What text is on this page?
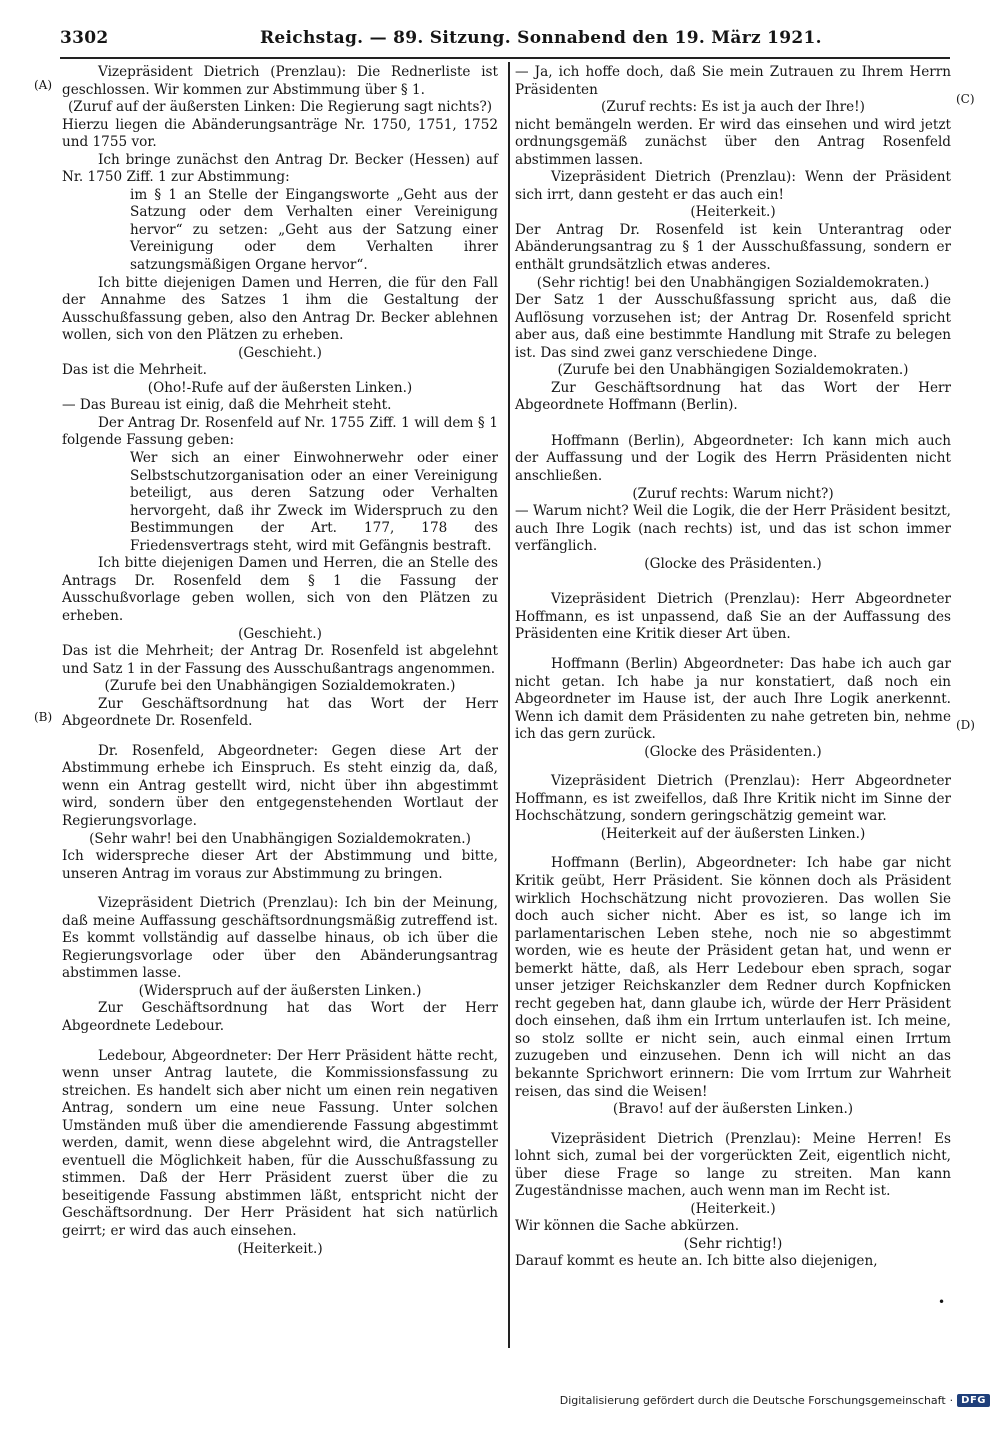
3302	Reichstag. — 89. Sitzung. Sonnabend den 19. März 1921.
(A)
(B)
(C)
(D)

Vizepräsident Dietrich (Prenzlau): Die Rednerliste ist geschlossen. Wir kommen zur Abstimmung über § 1.

(Zuruf auf der äußersten Linken: Die Regierung sagt nichts?)

Hierzu liegen die Abänderungsanträge Nr. 1750, 1751, 1752 und 1755 vor.

Ich bringe zunächst den Antrag Dr. Becker (Hessen) auf Nr. 1750 Ziff. 1 zur Abstimmung:

im § 1 an Stelle der Eingangsworte „Geht aus der Satzung oder dem Verhalten einer Vereinigung hervor“ zu setzen: „Geht aus der Satzung einer Vereinigung oder dem Verhalten ihrer satzungsmäßigen Organe hervor“.

Ich bitte diejenigen Damen und Herren, die für den Fall der Annahme des Satzes 1 ihm die Gestaltung der Ausschußfassung geben, also den Antrag Dr. Becker ablehnen wollen, sich von den Plätzen zu erheben.

(Geschieht.)

Das ist die Mehrheit.

(Oho!-Rufe auf der äußersten Linken.)

— Das Bureau ist einig, daß die Mehrheit steht.

Der Antrag Dr. Rosenfeld auf Nr. 1755 Ziff. 1 will dem § 1 folgende Fassung geben:

Wer sich an einer Einwohnerwehr oder einer Selbstschutzorganisation oder an einer Vereinigung beteiligt, aus deren Satzung oder Verhalten hervorgeht, daß ihr Zweck im Widerspruch zu den Bestimmungen der Art. 177, 178 des Friedensvertrags steht, wird mit Gefängnis bestraft.

Ich bitte diejenigen Damen und Herren, die an Stelle des Antrags Dr. Rosenfeld dem § 1 die Fassung der Ausschußvorlage geben wollen, sich von den Plätzen zu erheben.

(Geschieht.)

Das ist die Mehrheit; der Antrag Dr. Rosenfeld ist abgelehnt und Satz 1 in der Fassung des Ausschußantrags angenommen.

(Zurufe bei den Unabhängigen Sozialdemokraten.)

Zur Geschäftsordnung hat das Wort der Herr Abgeordnete Dr. Rosenfeld.

Dr. Rosenfeld, Abgeordneter: Gegen diese Art der Abstimmung erhebe ich Einspruch. Es steht einzig da, daß, wenn ein Antrag gestellt wird, nicht über ihn abgestimmt wird, sondern über den entgegenstehenden Wortlaut der Regierungsvorlage.

(Sehr wahr! bei den Unabhängigen Sozialdemokraten.)

Ich widerspreche dieser Art der Abstimmung und bitte, unseren Antrag im voraus zur Abstimmung zu bringen.

Vizepräsident Dietrich (Prenzlau): Ich bin der Meinung, daß meine Auffassung geschäftsordnungsmäßig zutreffend ist. Es kommt vollständig auf dasselbe hinaus, ob ich über die Regierungsvorlage oder über den Abänderungsantrag abstimmen lasse.

(Widerspruch auf der äußersten Linken.)

Zur Geschäftsordnung hat das Wort der Herr Abgeordnete Ledebour.

Ledebour, Abgeordneter: Der Herr Präsident hätte recht, wenn unser Antrag lautete, die Kommissionsfassung zu streichen. Es handelt sich aber nicht um einen rein negativen Antrag, sondern um eine neue Fassung. Unter solchen Umständen muß über die amendierende Fassung abgestimmt werden, damit, wenn diese abgelehnt wird, die Antragsteller eventuell die Möglichkeit haben, für die Ausschußfassung zu stimmen. Daß der Herr Präsident zuerst über die zu beseitigende Fassung abstimmen läßt, entspricht nicht der Geschäftsordnung. Der Herr Präsident hat sich natürlich geirrt; er wird das auch einsehen.

(Heiterkeit.)

— Ja, ich hoffe doch, daß Sie mein Zutrauen zu Ihrem Herrn Präsidenten

(Zuruf rechts: Es ist ja auch der Ihre!)

nicht bemängeln werden. Er wird das einsehen und wird jetzt ordnungsgemäß zunächst über den Antrag Rosenfeld abstimmen lassen.

Vizepräsident Dietrich (Prenzlau): Wenn der Präsident sich irrt, dann gesteht er das auch ein!

(Heiterkeit.)

Der Antrag Dr. Rosenfeld ist kein Unterantrag oder Abänderungsantrag zu § 1 der Ausschußfassung, sondern er enthält grundsätzlich etwas anderes.

(Sehr richtig! bei den Unabhängigen Sozialdemokraten.)

Der Satz 1 der Ausschußfassung spricht aus, daß die Auflösung vorzusehen ist; der Antrag Dr. Rosenfeld spricht aber aus, daß eine bestimmte Handlung mit Strafe zu belegen ist. Das sind zwei ganz verschiedene Dinge.

(Zurufe bei den Unabhängigen Sozialdemokraten.)

Zur Geschäftsordnung hat das Wort der Herr Abgeordnete Hoffmann (Berlin).

Hoffmann (Berlin), Abgeordneter: Ich kann mich auch der Auffassung und der Logik des Herrn Präsidenten nicht anschließen.

(Zuruf rechts: Warum nicht?)

— Warum nicht? Weil die Logik, die der Herr Präsident besitzt, auch Ihre Logik (nach rechts) ist, und das ist schon immer verfänglich.

(Glocke des Präsidenten.)

Vizepräsident Dietrich (Prenzlau): Herr Abgeordneter Hoffmann, es ist unpassend, daß Sie an der Auffassung des Präsidenten eine Kritik dieser Art üben.

Hoffmann (Berlin) Abgeordneter: Das habe ich auch gar nicht getan. Ich habe ja nur konstatiert, daß noch ein Abgeordneter im Hause ist, der auch Ihre Logik anerkennt. Wenn ich damit dem Präsidenten zu nahe getreten bin, nehme ich das gern zurück.

(Glocke des Präsidenten.)

Vizepräsident Dietrich (Prenzlau): Herr Abgeordneter Hoffmann, es ist zweifellos, daß Ihre Kritik nicht im Sinne der Hochschätzung, sondern geringschätzig gemeint war.

(Heiterkeit auf der äußersten Linken.)

Hoffmann (Berlin), Abgeordneter: Ich habe gar nicht Kritik geübt, Herr Präsident. Sie können doch als Präsident wirklich Hochschätzung nicht provozieren. Das wollen Sie doch auch sicher nicht. Aber es ist, so lange ich im parlamentarischen Leben stehe, noch nie so abgestimmt worden, wie es heute der Präsident getan hat, und wenn er bemerkt hätte, daß, als Herr Ledebour eben sprach, sogar unser jetziger Reichskanzler dem Redner durch Kopfnicken recht gegeben hat, dann glaube ich, würde der Herr Präsident doch einsehen, daß ihm ein Irrtum unterlaufen ist. Ich meine, so stolz sollte er nicht sein, auch einmal einen Irrtum zuzugeben und einzusehen. Denn ich will nicht an das bekannte Sprichwort erinnern: Die vom Irrtum zur Wahrheit reisen, das sind die Weisen!

(Bravo! auf der äußersten Linken.)

Vizepräsident Dietrich (Prenzlau): Meine Herren! Es lohnt sich, zumal bei der vorgerückten Zeit, eigentlich nicht, über diese Frage so lange zu streiten. Man kann Zugeständnisse machen, auch wenn man im Recht ist.

(Heiterkeit.)

Wir können die Sache abkürzen.

(Sehr richtig!)

Darauf kommt es heute an. Ich bitte also diejenigen,

•
Digitalisierung gefördert durch die Deutsche Forschungsgemeinschaft · DFG
